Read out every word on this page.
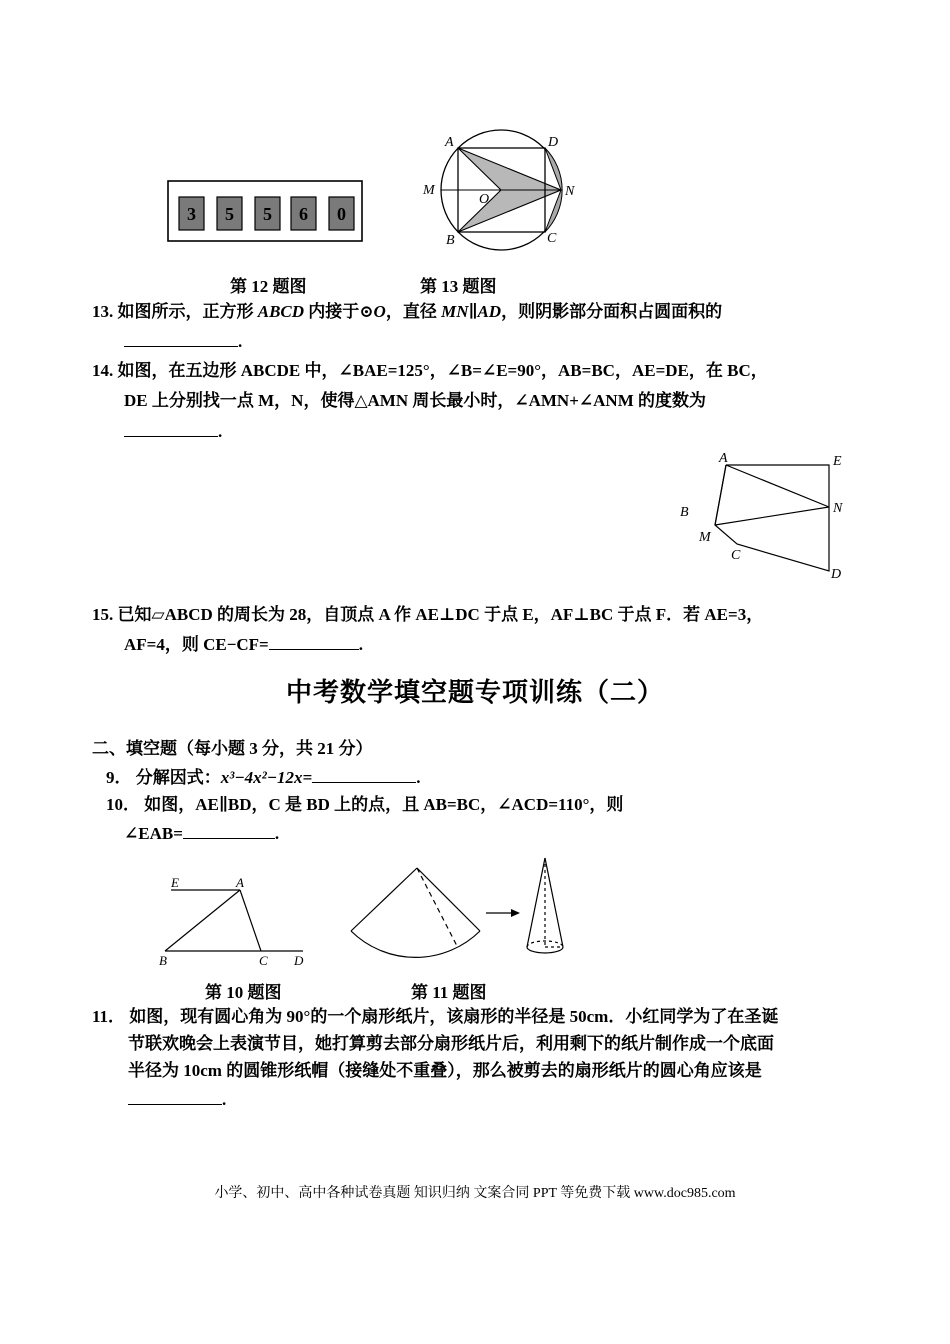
3 5 5 6 0
A	D
M
O
N
B	C
第 12 题图	第 13 题图
13. 如图所示，正方形 ABCD 内接于⊙O，直径 MN∥AD，则阴影部分面积占圆面积的
.
14. 如图，在五边形 ABCDE 中，∠BAE=125°，∠B=∠E=90°，AB=BC，AE=DE，在 BC，
DE 上分别找一点 M，N，使得△AMN 周长最小时，∠AMN+∠ANM 的度数为
.
A	E
B	N
M
C
D
15. 已知▱ABCD 的周长为 28，自顶点 A 作 AE⊥DC 于点 E，AF⊥BC 于点 F．若 AE=3，
AF=4，则 CE−CF=	.
中考数学填空题专项训练（二）
二、填空题（每小题 3 分，共 21 分）
9． 分解因式：x³−4x²−12x=	.
10． 如图，AE∥BD，C 是 BD 上的点，且 AB=BC，∠ACD=110°，则
∠EAB=	.
E	A
B	C D
第 10 题图	第 11 题图
11． 如图，现有圆心角为 90°的一个扇形纸片，该扇形的半径是 50cm．小红同学为了在圣诞
节联欢晚会上表演节目，她打算剪去部分扇形纸片后，利用剩下的纸片制作成一个底面
半径为 10cm 的圆锥形纸帽（接缝处不重叠），那么被剪去的扇形纸片的圆心角应该是
.
小学、初中、高中各种试卷真题 知识归纳 文案合同 PPT 等免费下载 www.doc985.com
